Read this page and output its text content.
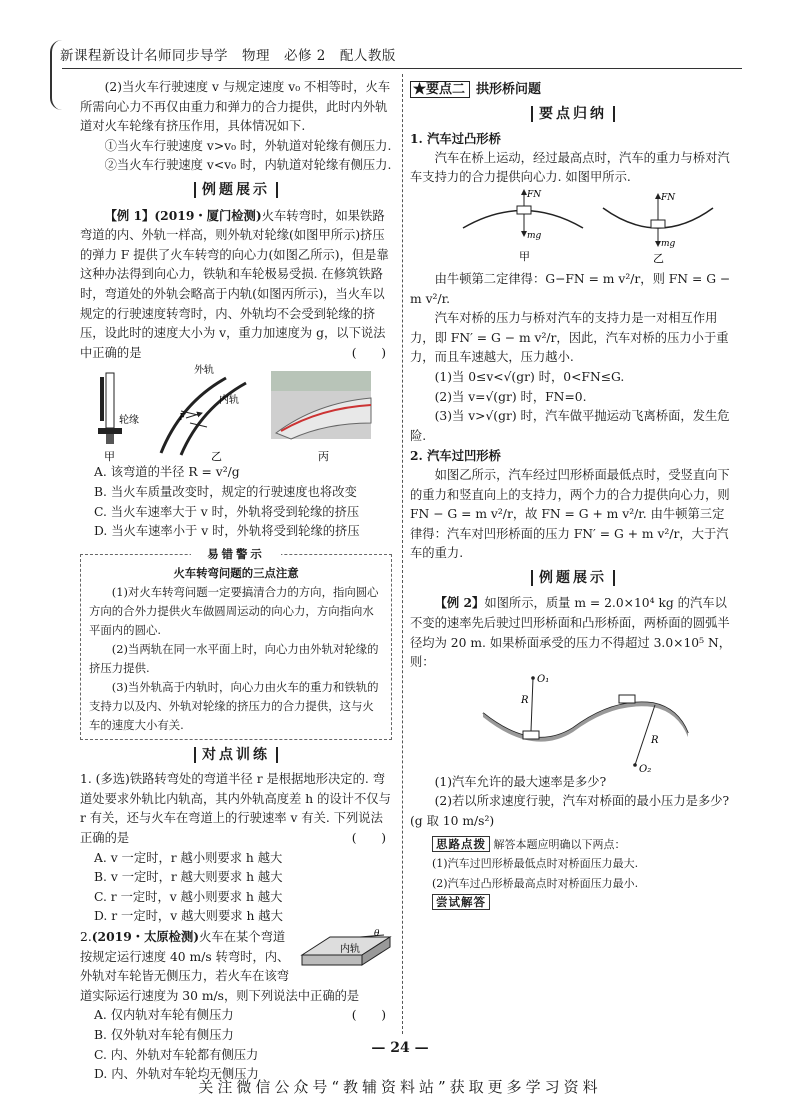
新课程新设计名师同步导学　物理　必修 2　配人教版

(2)当火车行驶速度 v 与规定速度 v₀ 不相等时，火车所需向心力不再仅由重力和弹力的合力提供，此时内外轨道对火车轮缘有挤压作用，具体情况如下.

①当火车行驶速度 v>v₀ 时，外轨道对轮缘有侧压力.

②当火车行驶速度 v<v₀ 时，内轨道对轮缘有侧压力.

例题展示

【例 1】(2019・厦门检测)火车转弯时，如果铁路弯道的内、外轨一样高，则外轨对轮缘(如图甲所示)挤压的弹力 F 提供了火车转弯的向心力(如图乙所示)，但是靠这种办法得到向心力，铁轨和车轮极易受损. 在修筑铁路时，弯道处的外轨会略高于内轨(如图丙所示)，当火车以规定的行驶速度转弯时，内、外轨均不会受到轮缘的挤压，设此时的速度大小为 v，重力加速度为 g，以下说法中正确的是	(　　)

轮缘
甲
外轨
内轨
F
乙	丙

A. 该弯道的半径 R = v²/g

B. 当火车质量改变时，规定的行驶速度也将改变

C. 当火车速率大于 v 时，外轨将受到轮缘的挤压

D. 当火车速率小于 v 时，外轨将受到轮缘的挤压

易错警示
火车转弯问题的三点注意

(1)对火车转弯问题一定要搞清合力的方向，指向圆心方向的合外力提供火车做圆周运动的向心力，方向指向水平面内的圆心.

(2)当两轨在同一水平面上时，向心力由外轨对轮缘的挤压力提供.

(3)当外轨高于内轨时，向心力由火车的重力和铁轨的支持力以及内、外轨对轮缘的挤压力的合力提供，这与火车的速度大小有关.

对点训练

1. (多选)铁路转弯处的弯道半径 r 是根据地形决定的. 弯道处要求外轨比内轨高，其内外轨高度差 h 的设计不仅与 r 有关，还与火车在弯道上的行驶速率 v 有关. 下列说法正确的是	(　　)

A. v 一定时，r 越小则要求 h 越大

B. v 一定时，r 越大则要求 h 越大

C. r 一定时，v 越小则要求 h 越大

D. r 一定时，v 越大则要求 h 越大

θ
内轨

2.(2019・太原检测)火车在某个弯道按规定运行速度 40 m/s 转弯时，内、外轨对车轮皆无侧压力，若火车在该弯道实际运行速度为 30 m/s，则下列说法中正确的是
(　　)

A. 仅内轨对车轮有侧压力

B. 仅外轨对车轮有侧压力

C. 内、外轨对车轮都有侧压力

D. 内、外轨对车轮均无侧压力

★要点二 拱形桥问题
要点归纳

1. 汽车过凸形桥

汽车在桥上运动，经过最高点时，汽车的重力与桥对汽车支持力的合力提供向心力. 如图甲所示.

FN
mg
甲
FN
mg
乙

由牛顿第二定律得：G−FN = m v²/r，则 FN = G − m v²/r.

汽车对桥的压力与桥对汽车的支持力是一对相互作用力，即 FN′ = G − m v²/r，因此，汽车对桥的压力小于重力，而且车速越大，压力越小.

(1)当 0≤v<√(gr) 时，0<FN≤G.

(2)当 v=√(gr) 时，FN=0.

(3)当 v>√(gr) 时，汽车做平抛运动飞离桥面，发生危险.

2. 汽车过凹形桥

如图乙所示，汽车经过凹形桥面最低点时，受竖直向下的重力和竖直向上的支持力，两个力的合力提供向心力，则 FN − G = m v²/r，故 FN = G + m v²/r. 由牛顿第三定律得：汽车对凹形桥面的压力 FN′ = G + m v²/r，大于汽车的重力.

例题展示

【例 2】如图所示，质量 m = 2.0×10⁴ kg 的汽车以不变的速率先后驶过凹形桥面和凸形桥面，两桥面的圆弧半径均为 20 m. 如果桥面承受的压力不得超过 3.0×10⁵ N，则：

O₁
R
O₂
R

(1)汽车允许的最大速率是多少?

(2)若以所求速度行驶，汽车对桥面的最小压力是多少?(g 取 10 m/s²)

思路点拨 解答本题应明确以下两点：

(1)汽车过凹形桥最低点时对桥面压力最大.

(2)汽车过凸形桥最高点时对桥面压力最小.

尝试解答

— 24 —
关注微信公众号“教辅资料站”获取更多学习资料
